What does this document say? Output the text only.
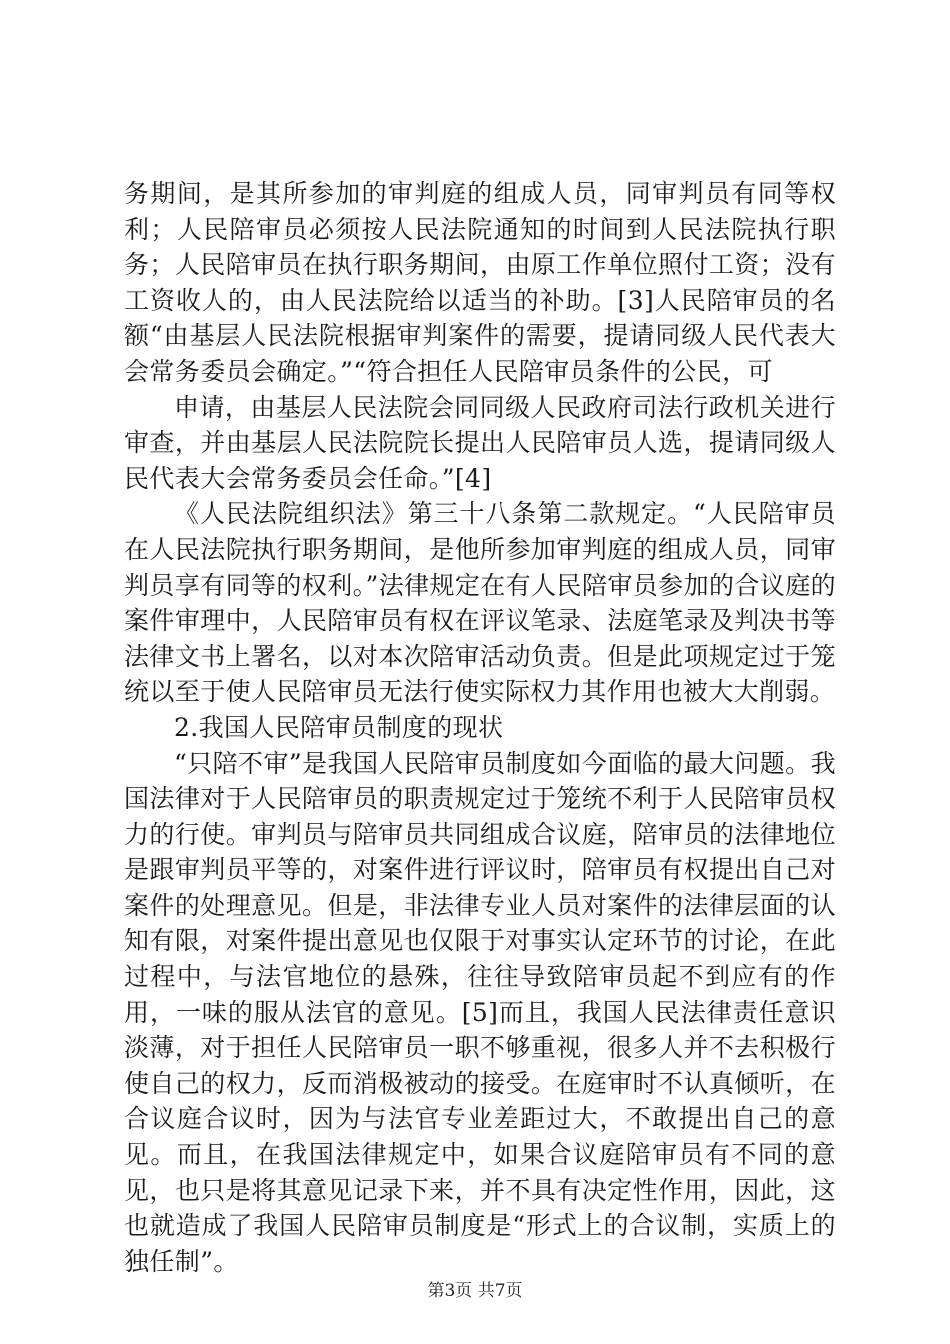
务期间，是其所参加的审判庭的组成人员，同审判员有同等权利；人民陪审员必须按人民法院通知的时间到人民法院执行职务；人民陪审员在执行职务期间，由原工作单位照付工资；没有工资收人的，由人民法院给以适当的补助。[3]人民陪审员的名额“由基层人民法院根据审判案件的需要，提请同级人民代表大会常务委员会确定。”“符合担任人民陪审员条件的公民，可

申请，由基层人民法院会同同级人民政府司法行政机关进行审查，并由基层人民法院院长提出人民陪审员人选，提请同级人民代表大会常务委员会任命。”[4]

《人民法院组织法》第三十八条第二款规定。“人民陪审员在人民法院执行职务期间，是他所参加审判庭的组成人员，同审判员享有同等的权利。”法律规定在有人民陪审员参加的合议庭的案件审理中，人民陪审员有权在评议笔录、法庭笔录及判决书等法律文书上署名，以对本次陪审活动负责。但是此项规定过于笼统以至于使人民陪审员无法行使实际权力其作用也被大大削弱。

2.我国人民陪审员制度的现状

“只陪不审”是我国人民陪审员制度如今面临的最大问题。我国法律对于人民陪审员的职责规定过于笼统不利于人民陪审员权力的行使。审判员与陪审员共同组成合议庭，陪审员的法律地位是跟审判员平等的，对案件进行评议时，陪审员有权提出自己对案件的处理意见。但是，非法律专业人员对案件的法律层面的认知有限，对案件提出意见也仅限于对事实认定环节的讨论，在此过程中，与法官地位的悬殊，往往导致陪审员起不到应有的作用，一味的服从法官的意见。[5]而且，我国人民法律责任意识淡薄，对于担任人民陪审员一职不够重视，很多人并不去积极行使自己的权力，反而消极被动的接受。在庭审时不认真倾听，在合议庭合议时，因为与法官专业差距过大，不敢提出自己的意见。而且，在我国法律规定中，如果合议庭陪审员有不同的意见，也只是将其意见记录下来，并不具有决定性作用，因此，这也就造成了我国人民陪审员制度是“形式上的合议制，实质上的独任制”。

第3页 共7页
